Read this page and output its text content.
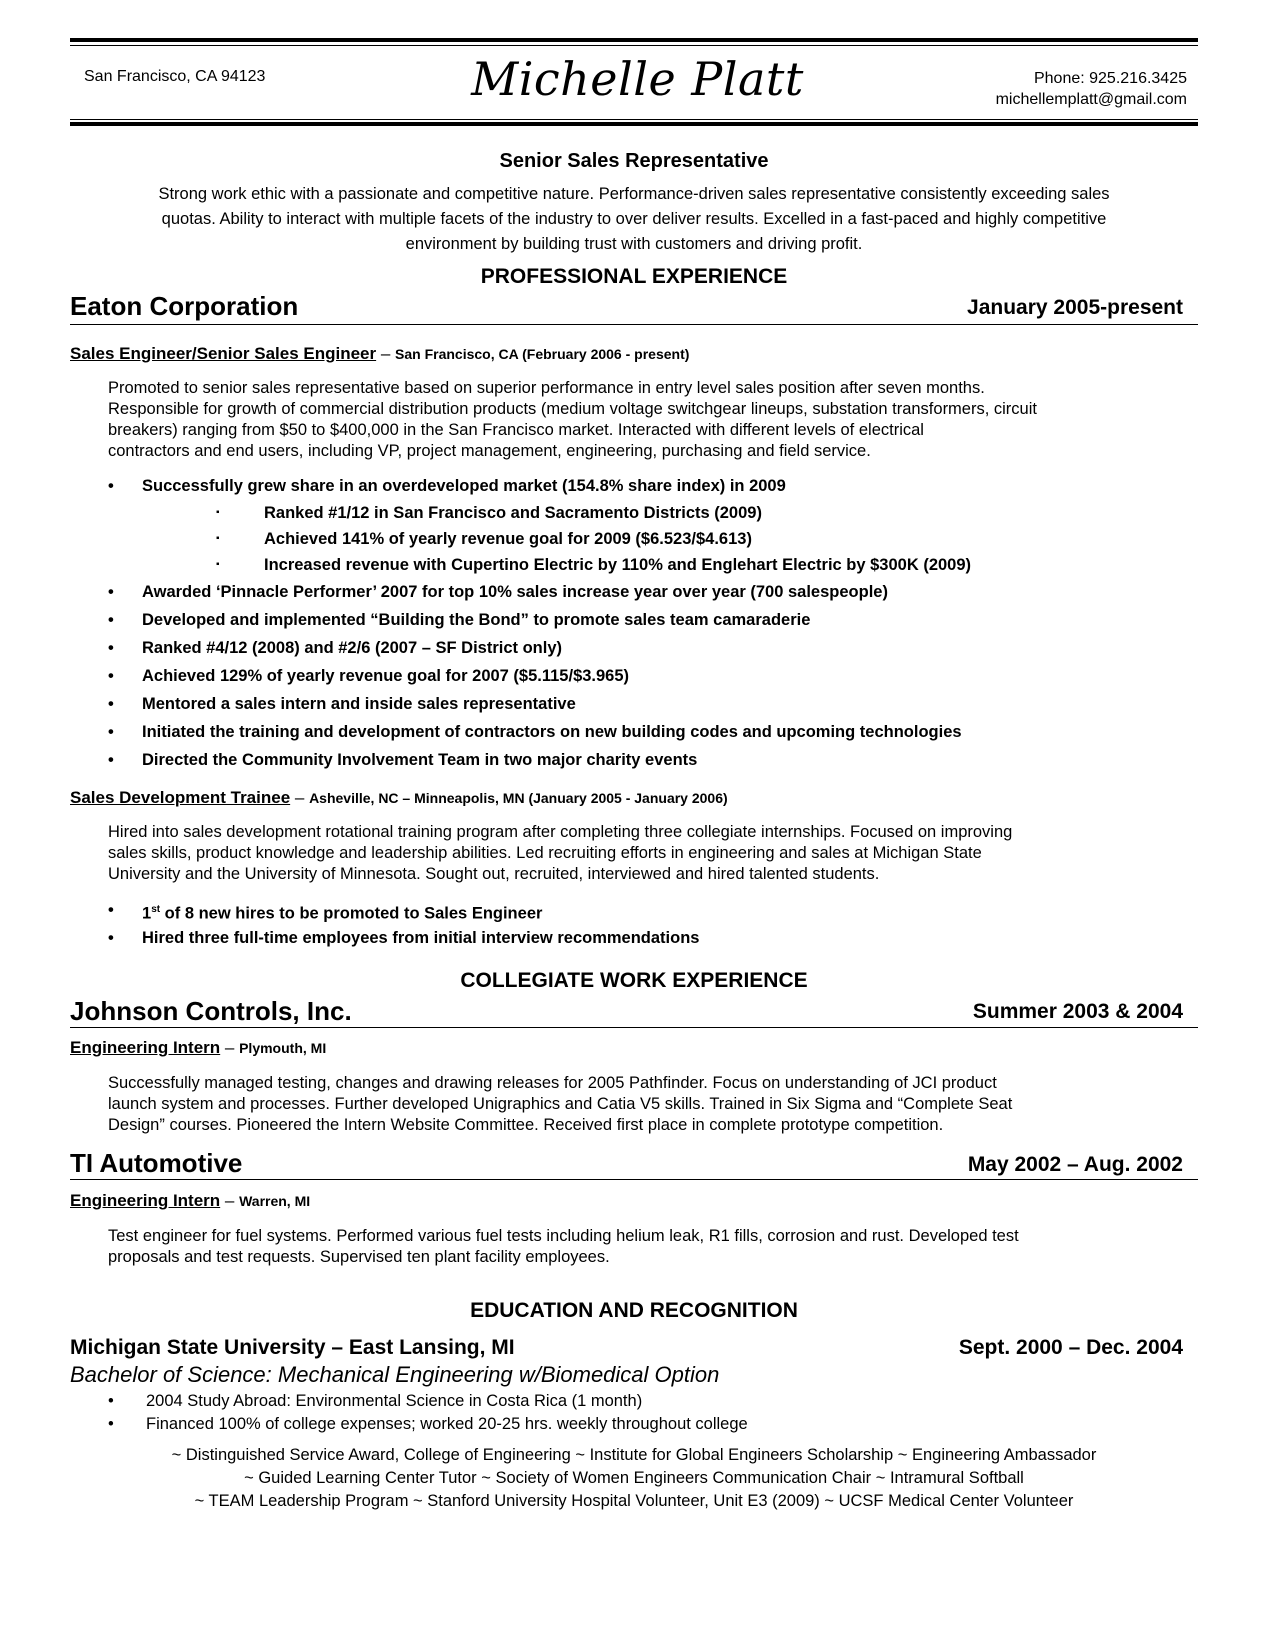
San Francisco, CA 94123	Michelle Platt	Phone: 925.216.3425
michellemplatt@gmail.com
Senior Sales Representative
Strong work ethic with a passionate and competitive nature. Performance-driven sales representative consistently exceeding sales
quotas. Ability to interact with multiple facets of the industry to over deliver results. Excelled in a fast-paced and highly competitive
environment by building trust with customers and driving profit.
PROFESSIONAL EXPERIENCE
Eaton Corporation	January 2005-present
Sales Engineer/Senior Sales Engineer – San Francisco, CA (February 2006 - present)
Promoted to senior sales representative based on superior performance in entry level sales position after seven months.
Responsible for growth of commercial distribution products (medium voltage switchgear lineups, substation transformers, circuit
breakers) ranging from $50 to $400,000 in the San Francisco market. Interacted with different levels of electrical
contractors and end users, including VP, project management, engineering, purchasing and field service.
• Successfully grew share in an overdeveloped market (154.8% share index) in 2009
▪	Ranked #1/12 in San Francisco and Sacramento Districts (2009)
▪	Achieved 141% of yearly revenue goal for 2009 ($6.523/$4.613)
▪	Increased revenue with Cupertino Electric by 110% and Englehart Electric by $300K (2009)
• Awarded ‘Pinnacle Performer’ 2007 for top 10% sales increase year over year (700 salespeople)
• Developed and implemented “Building the Bond” to promote sales team camaraderie
• Ranked #4/12 (2008) and #2/6 (2007 – SF District only)
• Achieved 129% of yearly revenue goal for 2007 ($5.115/$3.965)
• Mentored a sales intern and inside sales representative
• Initiated the training and development of contractors on new building codes and upcoming technologies
• Directed the Community Involvement Team in two major charity events
Sales Development Trainee – Asheville, NC – Minneapolis, MN (January 2005 - January 2006)
Hired into sales development rotational training program after completing three collegiate internships. Focused on improving
sales skills, product knowledge and leadership abilities. Led recruiting efforts in engineering and sales at Michigan State
University and the University of Minnesota. Sought out, recruited, interviewed and hired talented students.
• 1st of 8 new hires to be promoted to Sales Engineer
• Hired three full-time employees from initial interview recommendations
COLLEGIATE WORK EXPERIENCE
Johnson Controls, Inc.	Summer 2003 & 2004
Engineering Intern – Plymouth, MI
Successfully managed testing, changes and drawing releases for 2005 Pathfinder. Focus on understanding of JCI product
launch system and processes. Further developed Unigraphics and Catia V5 skills. Trained in Six Sigma and “Complete Seat
Design” courses. Pioneered the Intern Website Committee. Received first place in complete prototype competition.
TI Automotive	May 2002 – Aug. 2002
Engineering Intern – Warren, MI
Test engineer for fuel systems. Performed various fuel tests including helium leak, R1 fills, corrosion and rust. Developed test
proposals and test requests. Supervised ten plant facility employees.
EDUCATION AND RECOGNITION
Michigan State University – East Lansing, MI	Sept. 2000 – Dec. 2004
Bachelor of Science: Mechanical Engineering w/Biomedical Option
• 2004 Study Abroad: Environmental Science in Costa Rica (1 month)
• Financed 100% of college expenses; worked 20-25 hrs. weekly throughout college
~ Distinguished Service Award, College of Engineering ~ Institute for Global Engineers Scholarship ~ Engineering Ambassador
~ Guided Learning Center Tutor ~ Society of Women Engineers Communication Chair ~ Intramural Softball
~ TEAM Leadership Program ~ Stanford University Hospital Volunteer, Unit E3 (2009) ~ UCSF Medical Center Volunteer
